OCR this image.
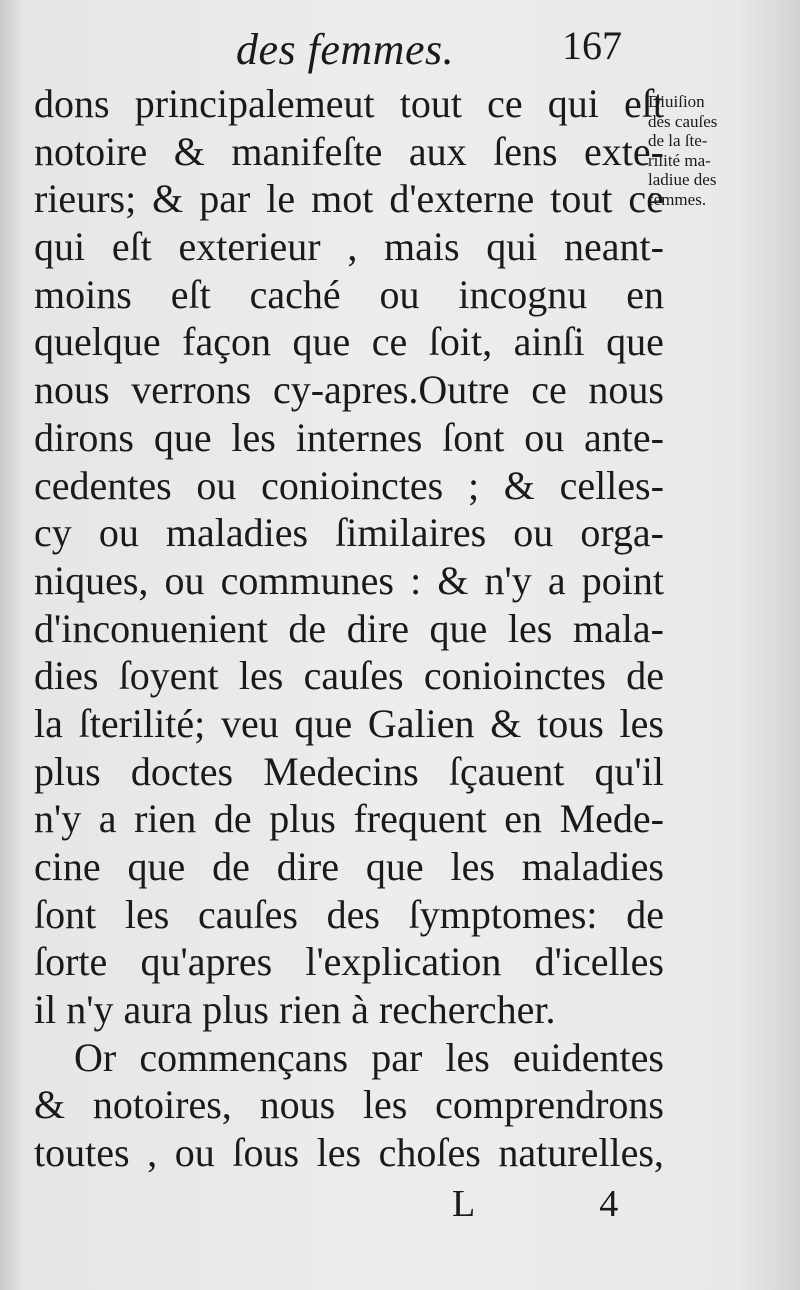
des femmes.	167
Diuiſion
des cauſes
de la ſte-
rilité ma-
ladiue des
femmes.
dons principalemeut tout ce qui eſt
notoire & manifeſte aux ſens exte-
rieurs; & par le mot d'externe tout ce
qui eſt exterieur , mais qui neant-
moins eſt caché ou incognu en
quelque façon que ce ſoit, ainſi que
nous verrons cy-apres.Outre ce nous
dirons que les internes ſont ou ante-
cedentes ou conioinctes ; & celles-
cy ou maladies ſimilaires ou orga-
niques, ou communes : & n'y a point
d'inconuenient de dire que les mala-
dies ſoyent les cauſes conioinctes de
la ſterilité; veu que Galien & tous les
plus doctes Medecins ſçauent qu'il
n'y a rien de plus frequent en Mede-
cine que de dire que les maladies
ſont les cauſes des ſymptomes: de
ſorte qu'apres l'explication d'icelles
il n'y aura plus rien à rechercher.
Or commençans par les euidentes
& notoires, nous les comprendrons
toutes , ou ſous les choſes naturelles,
L 4
